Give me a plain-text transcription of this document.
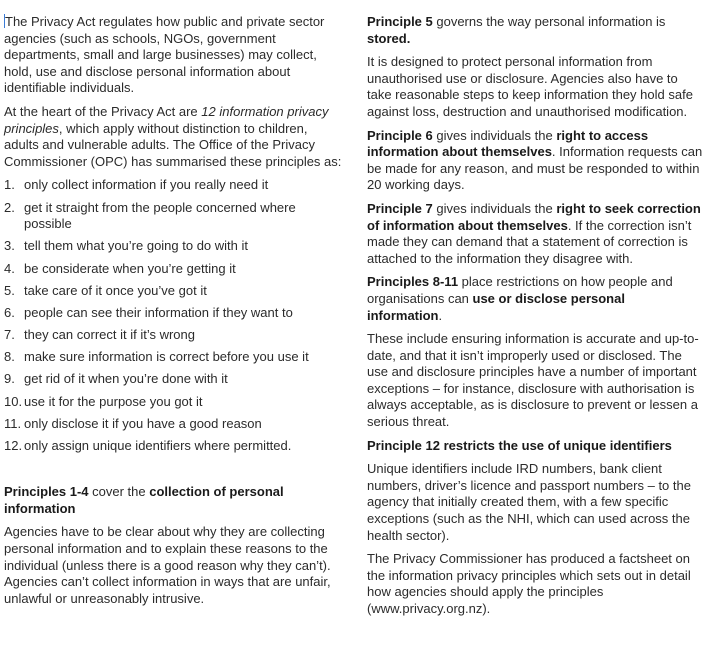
The Privacy Act regulates how public and private sector agencies (such as schools, NGOs, government departments, small and large businesses) may collect, hold, use and disclose personal information about identifiable individuals.

At the heart of the Privacy Act are 12 information privacy principles, which apply without distinction to children, adults and vulnerable adults. The Office of the Privacy Commissioner (OPC) has summarised these principles as:

1. only collect information if you really need it
2. get it straight from the people concerned where possible
3. tell them what you’re going to do with it
4. be considerate when you’re getting it
5. take care of it once you’ve got it
6. people can see their information if they want to
7. they can correct it if it’s wrong
8. make sure information is correct before you use it
9. get rid of it when you’re done with it
10. use it for the purpose you got it
11. only disclose it if you have a good reason
12. only assign unique identifiers where permitted.

Principles 1-4 cover the collection of personal information

Agencies have to be clear about why they are collecting personal information and to explain these reasons to the individual (unless there is a good reason why they can’t). Agencies can’t collect information in ways that are unfair, unlawful or unreasonably intrusive.

Principle 5 governs the way personal information is stored.

It is designed to protect personal information from unauthorised use or disclosure. Agencies also have to take reasonable steps to keep information they hold safe against loss, destruction and unauthorised modification.

Principle 6 gives individuals the right to access information about themselves. Information requests can be made for any reason, and must be responded to within 20 working days.

Principle 7 gives individuals the right to seek correction of information about themselves. If the correction isn’t made they can demand that a statement of correction is attached to the information they disagree with.

Principles 8-11 place restrictions on how people and organisations can use or disclose personal information.

These include ensuring information is accurate and up-to-date, and that it isn’t improperly used or disclosed. The use and disclosure principles have a number of important exceptions – for instance, disclosure with authorisation is always acceptable, as is disclosure to prevent or lessen a serious threat.

Principle 12 restricts the use of unique identifiers

Unique identifiers include IRD numbers, bank client numbers, driver’s licence and passport numbers – to the agency that initially created them, with a few specific exceptions (such as the NHI, which can used across the health sector).

The Privacy Commissioner has produced a factsheet on the information privacy principles which sets out in detail how agencies should apply the principles (www.privacy.org.nz).
